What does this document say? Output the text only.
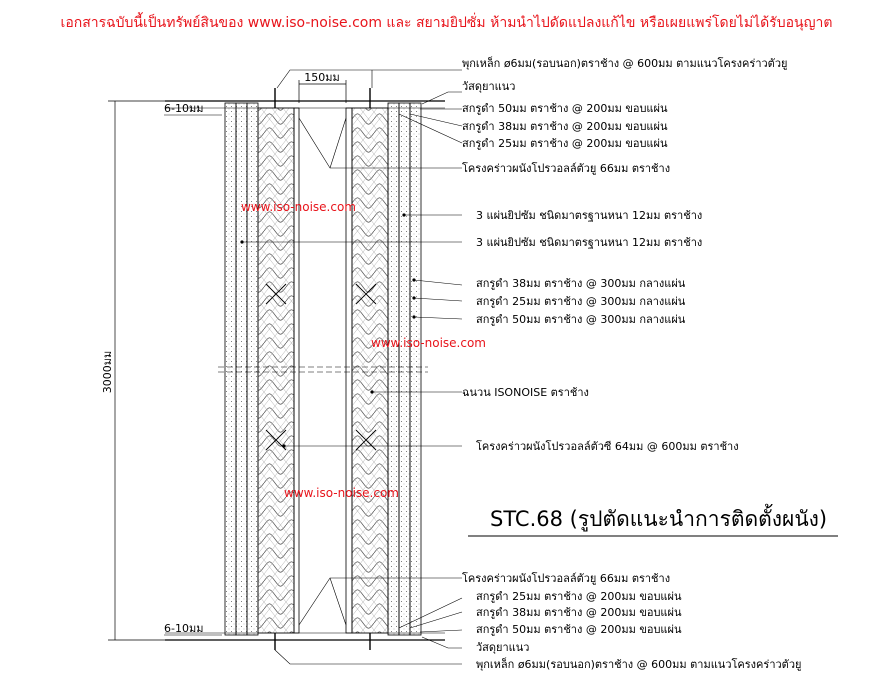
เอกสารฉบับนี้เป็นทรัพย์สินของ www.iso-noise.com และ สยามยิปซั่ม ห้ามนำไปดัดแปลงแก้ไข หรือเผยแพร่โดยไม่ได้รับอนุญาต
150มม
3000มม
6-10มม
6-10มม
พุกเหล็ก ø6มม(รอบนอก)ตราช้าง @ 600มม ตามแนวโครงคร่าวตัวยู
วัสดุยาแนว
สกรูดำ 50มม ตราช้าง @ 200มม ขอบแผ่น
สกรูดำ 38มม ตราช้าง @ 200มม ขอบแผ่น
สกรูดำ 25มม ตราช้าง @ 200มม ขอบแผ่น
โครงคร่าวผนังโปรวอลล์ตัวยู 66มม ตราช้าง
3 แผ่นยิปซัม ชนิดมาตรฐานหนา 12มม ตราช้าง
3 แผ่นยิปซัม ชนิดมาตรฐานหนา 12มม ตราช้าง
สกรูดำ 38มม ตราช้าง @ 300มม กลางแผ่น
สกรูดำ 25มม ตราช้าง @ 300มม กลางแผ่น
สกรูดำ 50มม ตราช้าง @ 300มม กลางแผ่น
ฉนวน ISONOISE ตราช้าง
โครงคร่าวผนังโปรวอลล์ตัวซี 64มม @ 600มม ตราช้าง
โครงคร่าวผนังโปรวอลล์ตัวยู 66มม ตราช้าง
สกรูดำ 25มม ตราช้าง @ 200มม ขอบแผ่น
สกรูดำ 38มม ตราช้าง @ 200มม ขอบแผ่น
สกรูดำ 50มม ตราช้าง @ 200มม ขอบแผ่น
วัสดุยาแนว
พุกเหล็ก ø6มม(รอบนอก)ตราช้าง @ 600มม ตามแนวโครงคร่าวตัวยู
www.iso-noise.com
www.iso-noise.com
www.iso-noise.com
STC.68 (รูปตัดแนะนำการติดตั้งผนัง)
